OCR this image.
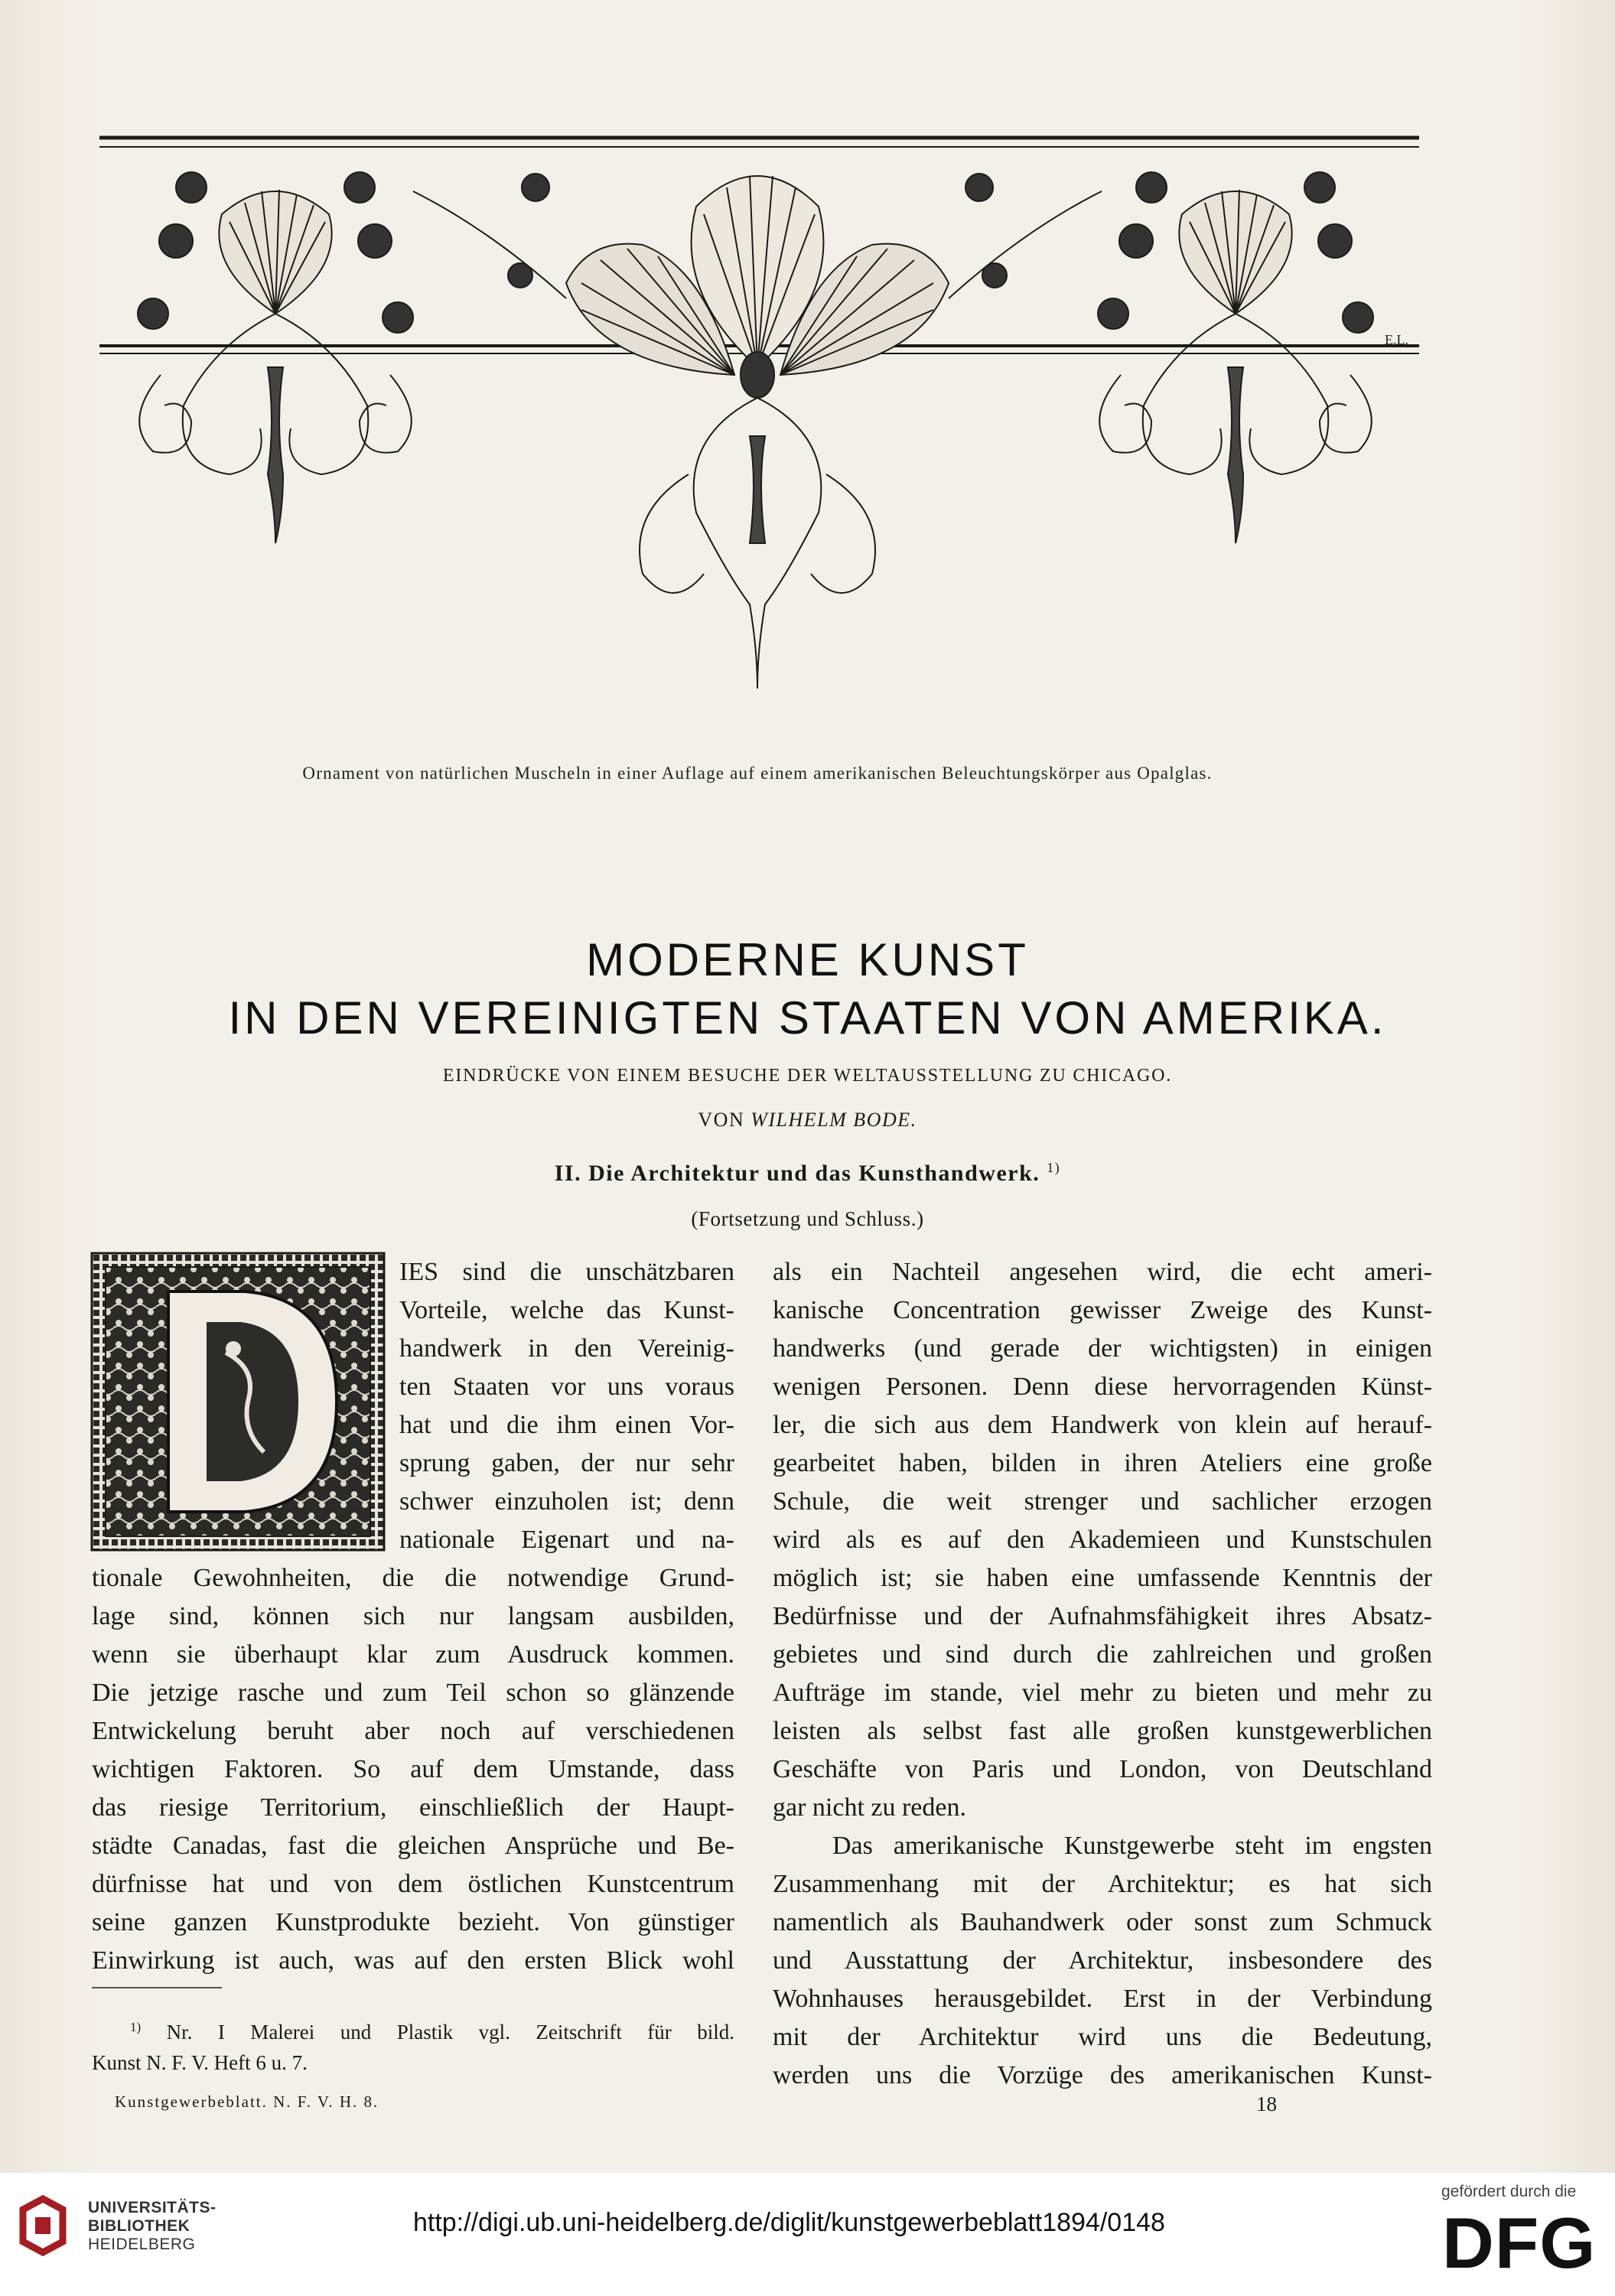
E.L.
Ornament von natürlichen Muscheln in einer Auflage auf einem amerikanischen Beleuchtungskörper aus Opalglas.
MODERNE KUNST
IN DEN VEREINIGTEN STAATEN VON AMERIKA.
EINDRÜCKE VON EINEM BESUCHE DER WELTAUSSTELLUNG ZU CHICAGO.
VON WILHELM BODE.
II. Die Architektur und das Kunsthandwerk. $^{1)}$
(Fortsetzung und Schluss.)
IES sind die unschätzbaren
Vorteile, welche das Kunst-
handwerk in den Vereinig-
ten Staaten vor uns voraus
hat und die ihm einen Vor-
sprung gaben, der nur sehr
schwer einzuholen ist; denn
nationale Eigenart und na-
tionale Gewohnheiten, die die notwendige Grund-
lage sind, können sich nur langsam ausbilden,
wenn sie überhaupt klar zum Ausdruck kommen.
Die jetzige rasche und zum Teil schon so glänzende
Entwickelung beruht aber noch auf verschiedenen
wichtigen Faktoren. So auf dem Umstande, dass
das riesige Territorium, einschließlich der Haupt-
städte Canadas, fast die gleichen Ansprüche und Be-
dürfnisse hat und von dem östlichen Kunstcentrum
seine ganzen Kunstprodukte bezieht. Von günstiger
Einwirkung ist auch, was auf den ersten Blick wohl
als ein Nachteil angesehen wird, die echt ameri-
kanische Concentration gewisser Zweige des Kunst-
handwerks (und gerade der wichtigsten) in einigen
wenigen Personen. Denn diese hervorragenden Künst-
ler, die sich aus dem Handwerk von klein auf herauf-
gearbeitet haben, bilden in ihren Ateliers eine große
Schule, die weit strenger und sachlicher erzogen
wird als es auf den Akademieen und Kunstschulen
möglich ist; sie haben eine umfassende Kenntnis der
Bedürfnisse und der Aufnahmsfähigkeit ihres Absatz-
gebietes und sind durch die zahlreichen und großen
Aufträge im stande, viel mehr zu bieten und mehr zu
leisten als selbst fast alle großen kunstgewerblichen
Geschäfte von Paris und London, von Deutschland
gar nicht zu reden.
Das amerikanische Kunstgewerbe steht im engsten
Zusammenhang mit der Architektur; es hat sich
namentlich als Bauhandwerk oder sonst zum Schmuck
und Ausstattung der Architektur, insbesondere des
Wohnhauses herausgebildet. Erst in der Verbindung
mit der Architektur wird uns die Bedeutung,
werden uns die Vorzüge des amerikanischen Kunst-
$^{1)}$ Nr. I Malerei und Plastik vgl. Zeitschrift für bild.
Kunst N. F. V. Heft 6 u. 7.
Kunstgewerbeblatt. N. F. V. H. 8.	18
UNIVERSITÄTS-
BIBLIOTHEK
HEIDELBERG
http://digi.ub.uni-heidelberg.de/diglit/kunstgewerbeblatt1894/0148
gefördert durch die
DFG
